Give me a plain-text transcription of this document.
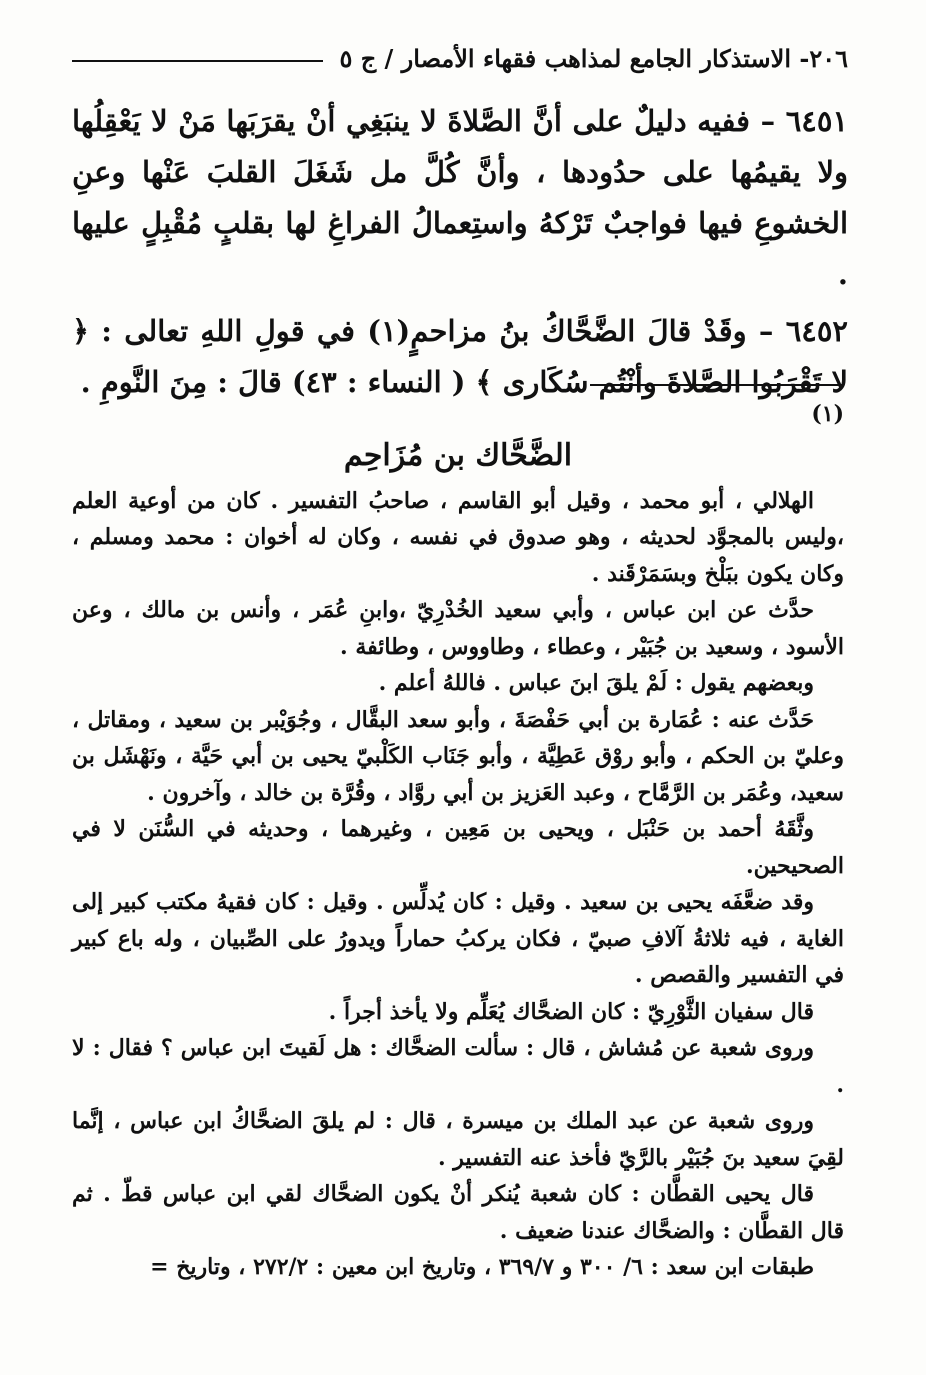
٢٠٦- الاستذكار الجامع لمذاهب فقهاء الأمصار / ج ٥

٦٤٥١ – ففيه دليلٌ على أنَّ الصَّلاةَ لا ينبَغِي أنْ يقرَبَها مَنْ لا يَعْقِلُها ولا يقيمُها على حدُودها ، وأنَّ كُلَّ مل شَغَلَ القلبَ عَنْها وعنِ الخشوعِ فيها فواجبٌ تَرْكهُ واستِعمالُ الفراغِ لها بقلبٍ مُقْبِلٍ عليها .

٦٤٥٢ – وقَدْ قالَ الضَّحَّاكُ بنُ مزاحمٍ(١) في قولِ اللهِ تعالى : ﴿ لا تَقْرَبُوا الصَّلاةَ وأنْتُم سُكَارى ﴾ ( النساء : ٤٣) قالَ : مِنَ النَّومِ .

(١)

الضَّحَّاك بن مُزَاحِم

الهلالي ، أبو محمد ، وقيل أبو القاسم ، صاحبُ التفسير . كان من أوعية العلم ،وليس بالمجوَّد لحديثه ، وهو صدوق في نفسه ، وكان له أخوان : محمد ومسلم ، وكان يكون ببَلْخ وبسَمَرْقَند .

حدَّث عن ابن عباس ، وأبي سعيد الخُدْرِيّ ،وابنِ عُمَر ، وأنس بن مالك ، وعن الأسود ، وسعيد بن جُبَيْر ، وعطاء ، وطاووس ، وطائفة .

وبعضهم يقول : لَمْ يلقَ ابنَ عباس . فاللهُ أعلم .

حَدَّث عنه : عُمَارة بن أبي حَفْصَةَ ، وأبو سعد البقَّال ، وجُوَيْبر بن سعيد ، ومقاتل ، وعليّ بن الحكم ، وأبو روْق عَطِيَّة ، وأبو جَنَاب الكَلْبيّ يحيى بن أبي حَيَّة ، ونَهْشَل بن سعيد، وعُمَر بن الرَّمَّاح ، وعبد العَزيز بن أبي روَّاد ، وقُرَّة بن خالد ، وآخرون .

وثَّقَهُ أحمد بن حَنْبَل ، ويحيى بن مَعِين ، وغيرهما ، وحديثه في السُّنَن لا في الصحيحين.

وقد ضعَّفَه يحيى بن سعيد . وقيل : كان يُدلِّس . وقيل : كان فقيهُ مكتب كبير إلى الغاية ، فيه ثلاثةُ آلافِ صبيّ ، فكان يركبُ حماراً ويدورُ على الصِّبيان ، وله باع كبير في التفسير والقصص .

قال سفيان الثَّوْرِيّ : كان الضحَّاك يُعَلِّم ولا يأخذ أجراً .

وروى شعبة عن مُشاش ، قال : سألت الضحَّاك : هل لَقيتَ ابن عباس ؟ فقال : لا .

وروى شعبة عن عبد الملك بن ميسرة ، قال : لم يلقَ الضحَّاكُ ابن عباس ، إنَّما لقِيَ سعيد بنَ جُبَيْر بالرَّيّ فأخذ عنه التفسير .

قال يحيى القطَّان : كان شعبة يُنكر أنْ يكون الضحَّاك لقي ابن عباس قطّ . ثم قال القطَّان : والضحَّاك عندنا ضعيف .

طبقات ابن سعد : ٦/ ٣٠٠ و ٣٦٩/٧ ، وتاريخ ابن معين : ٢٧٢/٢ ، وتاريخ =
